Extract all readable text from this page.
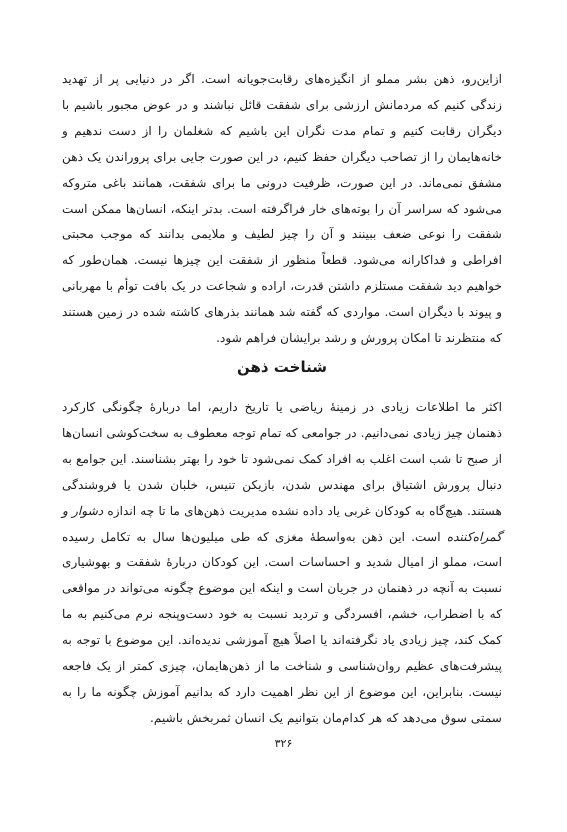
ازاین‌رو، ذهن بشر مملو از انگیزه‌های رقابت‌جویانه است. اگر در دنیایی پر از تهدید زندگی کنیم که مردمانش ارزشی برای شفقت قائل نباشند و در عوض مجبور باشیم با دیگران رقابت کنیم و تمام مدت نگران این باشیم که شغلمان را از دست ندهیم و خانه‌هایمان را از تصاحب دیگران حفظ کنیم، در این صورت جایی برای پروراندن یک ذهن مشفق نمی‌ماند. در این صورت، ظرفیت درونی ما برای شفقت، همانند باغی متروکه می‌شود که سراسر آن را بوته‌های خار فراگرفته است. بدتر اینکه، انسان‌ها ممکن است شفقت را نوعی ضعف ببینند و آن را چیز لطیف و ملایمی بدانند که موجب محبتی افراطی و فداکارانه می‌شود. قطعاً منظور از شفقت این چیزها نیست. همان‌طور که خواهیم دید شفقت مستلزم داشتن قدرت، اراده و شجاعت در یک بافت توأم با مهربانی و پیوند با دیگران است. مواردی که گفته شد همانند بذرهای کاشته شده در زمین هستند که منتظرند تا امکان پرورش و رشد برایشان فراهم شود.

شناخت ذهن

اکثر ما اطلاعات زیادی در زمینهٔ ریاضی یا تاریخ داریم، اما دربارهٔ چگونگی کارکرد ذهنمان چیز زیادی نمی‌دانیم. در جوامعی که تمام توجه معطوف به سخت‌کوشی انسان‌ها از صبح تا شب است اغلب به افراد کمک نمی‌شود تا خود را بهتر بشناسند. این جوامع به دنبال پرورش اشتیاق برای مهندس شدن، بازیکن تنیس، خلبان شدن یا فروشندگی هستند. هیچ‌گاه به کودکان غربی یاد داده نشده مدیریت ذهن‌های ما تا چه اندازه دشوار و گمراه‌کننده است. این ذهن به‌واسطهٔ مغزی که طی میلیون‌ها سال به تکامل رسیده است، مملو از امیال شدید و احساسات است. این کودکان دربارهٔ شفقت و بهوشیاری نسبت به آنچه در ذهنمان در جریان است و اینکه این موضوع چگونه می‌تواند در مواقعی که با اضطراب، خشم، افسردگی و تردید نسبت به خود دست‌وپنجه نرم می‌کنیم به ما کمک کند، چیز زیادی یاد نگرفته‌اند یا اصلاً هیچ آموزشی ندیده‌اند. این موضوع با توجه به پیشرفت‌های عظیم روان‌شناسی و شناخت ما از ذهن‌هایمان، چیزی کمتر از یک فاجعه نیست. بنابراین، این موضوع از این نظر اهمیت دارد که بدانیم آموزش چگونه ما را به سمتی سوق می‌دهد که هر کدام‌مان بتوانیم یک انسان ثمربخش باشیم.

۳۲۶
